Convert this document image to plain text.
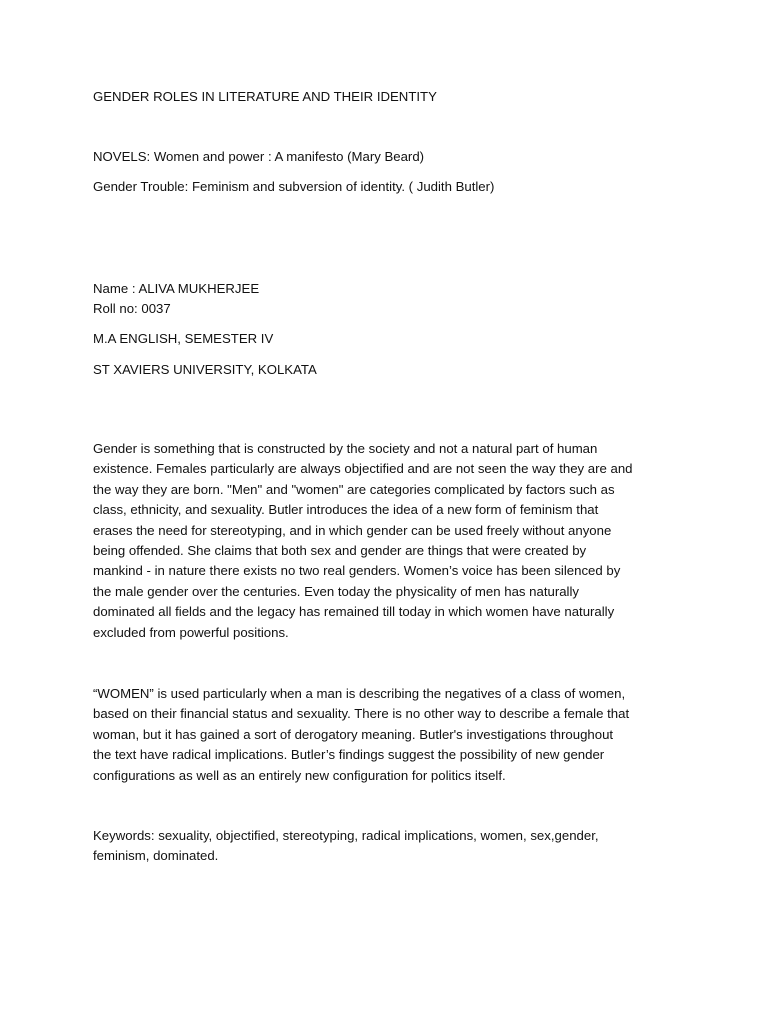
GENDER ROLES IN LITERATURE AND THEIR IDENTITY
NOVELS: Women and power : A manifesto (Mary Beard)
Gender Trouble: Feminism and subversion of identity. ( Judith Butler)
Name : ALIVA MUKHERJEE
Roll no: 0037
M.A ENGLISH, SEMESTER IV
ST XAVIERS UNIVERSITY, KOLKATA
Gender is something that is constructed by the society and not a natural part of human
existence. Females particularly are always objectified and are not seen the way they are and
the way they are born. "Men" and "women" are categories complicated by factors such as
class, ethnicity, and sexuality. Butler introduces the idea of a new form of feminism that
erases the need for stereotyping, and in which gender can be used freely without anyone
being offended. She claims that both sex and gender are things that were created by
mankind - in nature there exists no two real genders. Women’s voice has been silenced by
the male gender over the centuries. Even today the physicality of men has naturally
dominated all fields and the legacy has remained till today in which women have naturally
excluded from powerful positions.
“WOMEN” is used particularly when a man is describing the negatives of a class of women,
based on their financial status and sexuality. There is no other way to describe a female that
woman, but it has gained a sort of derogatory meaning. Butler's investigations throughout
the text have radical implications. Butler’s findings suggest the possibility of new gender
configurations as well as an entirely new configuration for politics itself.
Keywords: sexuality, objectified, stereotyping, radical implications, women, sex,gender,
feminism, dominated.
